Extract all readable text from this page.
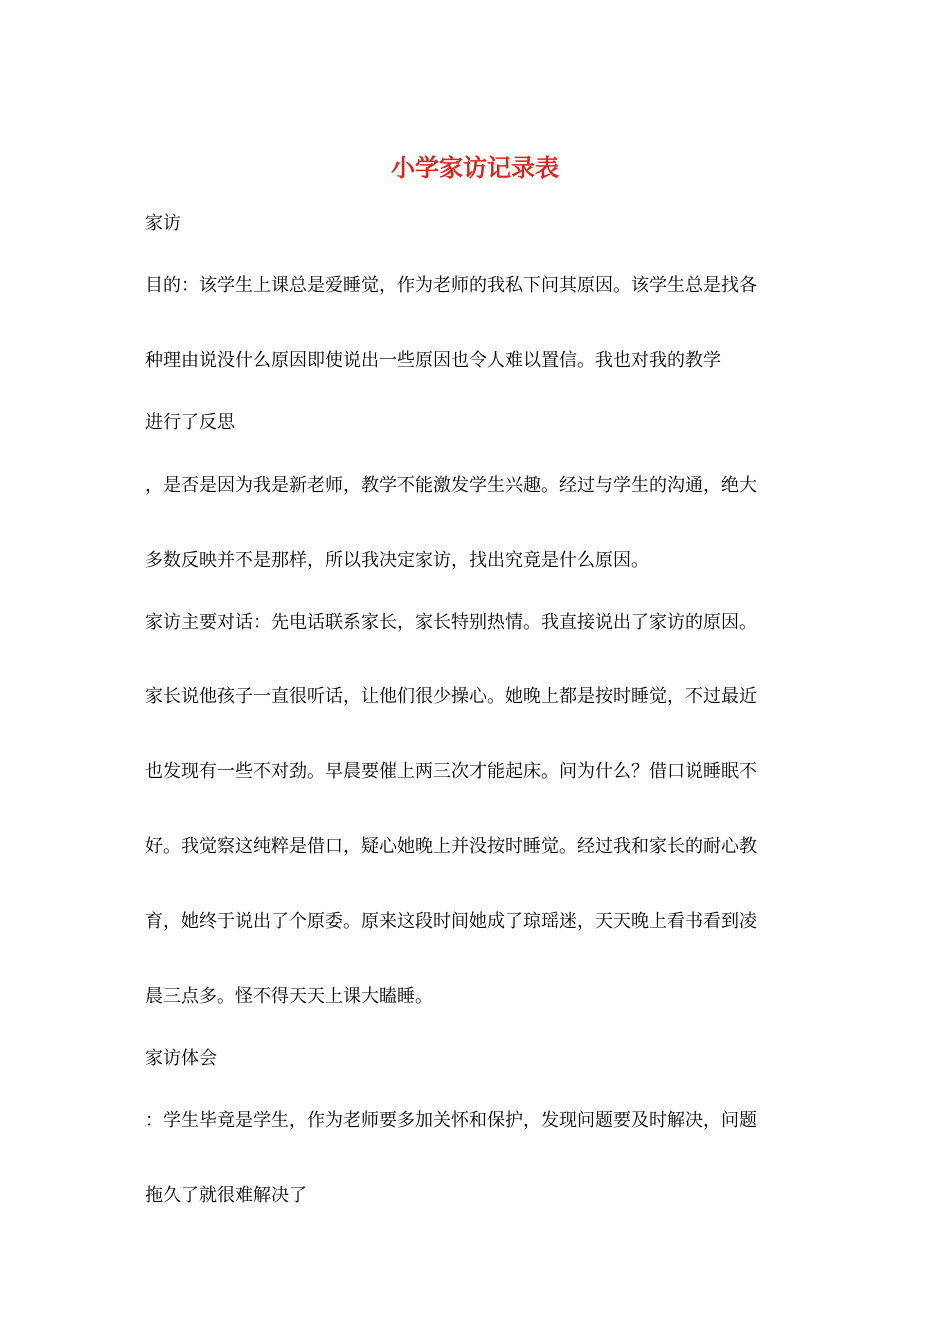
小学家访记录表
家访
目的：该学生上课总是爱睡觉，作为老师的我私下问其原因。该学生总是找各
种理由说没什么原因即使说出一些原因也令人难以置信。我也对我的教学
进行了反思
，是否是因为我是新老师，教学不能激发学生兴趣。经过与学生的沟通，绝大
多数反映并不是那样，所以我决定家访，找出究竟是什么原因。
家访主要对话：先电话联系家长，家长特别热情。我直接说出了家访的原因。
家长说他孩子一直很听话，让他们很少操心。她晚上都是按时睡觉，不过最近
也发现有一些不对劲。早晨要催上两三次才能起床。问为什么？借口说睡眠不
好。我觉察这纯粹是借口，疑心她晚上并没按时睡觉。经过我和家长的耐心教
育，她终于说出了个原委。原来这段时间她成了琼瑶迷，天天晚上看书看到凌
晨三点多。怪不得天天上课大瞌睡。
家访体会
：学生毕竟是学生，作为老师要多加关怀和保护，发现问题要及时解决，问题
拖久了就很难解决了
